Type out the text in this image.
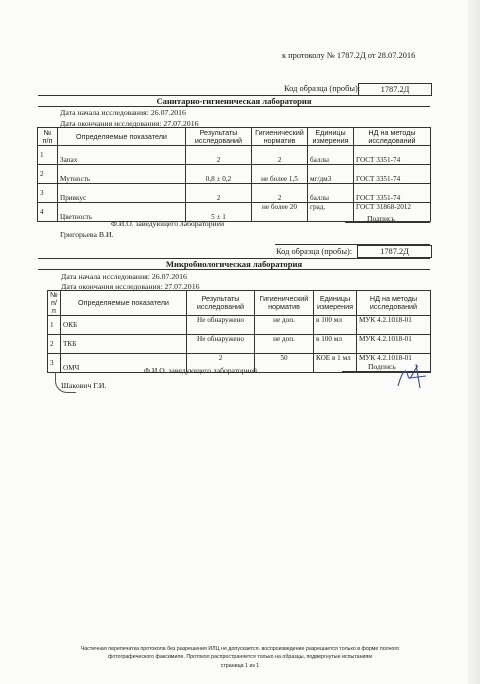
к протоколу № 1787.2Д от 28.07.2016
Код образца (пробы):	1787.2Д
Санитарно-гигиеническая лаборатория
Дата начала исследования: 26.07.2016
Дата окончания исследования: 27.07.2016
№ п/п	Определяемые показатели	Результаты исследований	Гигиенический норматив	Единицы измерения	НД на методы исследований
1	Запах	2	2	баллы	ГОСТ 3351-74
2	Мутность	0,8 ± 0,2	не более 1,5	мг/дм3	ГОСТ 3351-74
3	Привкус	2	2	баллы	ГОСТ 3351-74
4	Цветность	5 ± 1	не более 20	град.	ГОСТ 31868-2012
Ф.И.О. заведующего лабораторией
Подпись
Григорьева В.И.
Код образца (пробы):	1787.2Д
Микробиологическая лаборатория
Дата начала исследования: 26.07.2016
Дата окончания исследования: 27.07.2016
№ п/п	Определяемые показатели	Результаты исследований	Гигиенический норматив	Единицы измерения	НД на методы исследований
1	ОКБ	Не обнаружено	не доп.	в 100 мл	МУК 4.2.1018-01
2	ТКБ	Не обнаружено	не доп.	в 100 мл	МУК 4.2.1018-01
3	ОМЧ	2	50	КОЕ в 1 мл	МУК 4.2.1018-01
Ф.И.О. заведующего лабораторией	Подпись
Шакович Г.И.
Частичная перепечатка протокола без разрешения ИЛЦ не допускается. воспроизведение разрешается только в форме полного
фотографического факсимиле. Протокол распространяется только на образцы, подвергнутые испытаниям
страница 1 из 1
